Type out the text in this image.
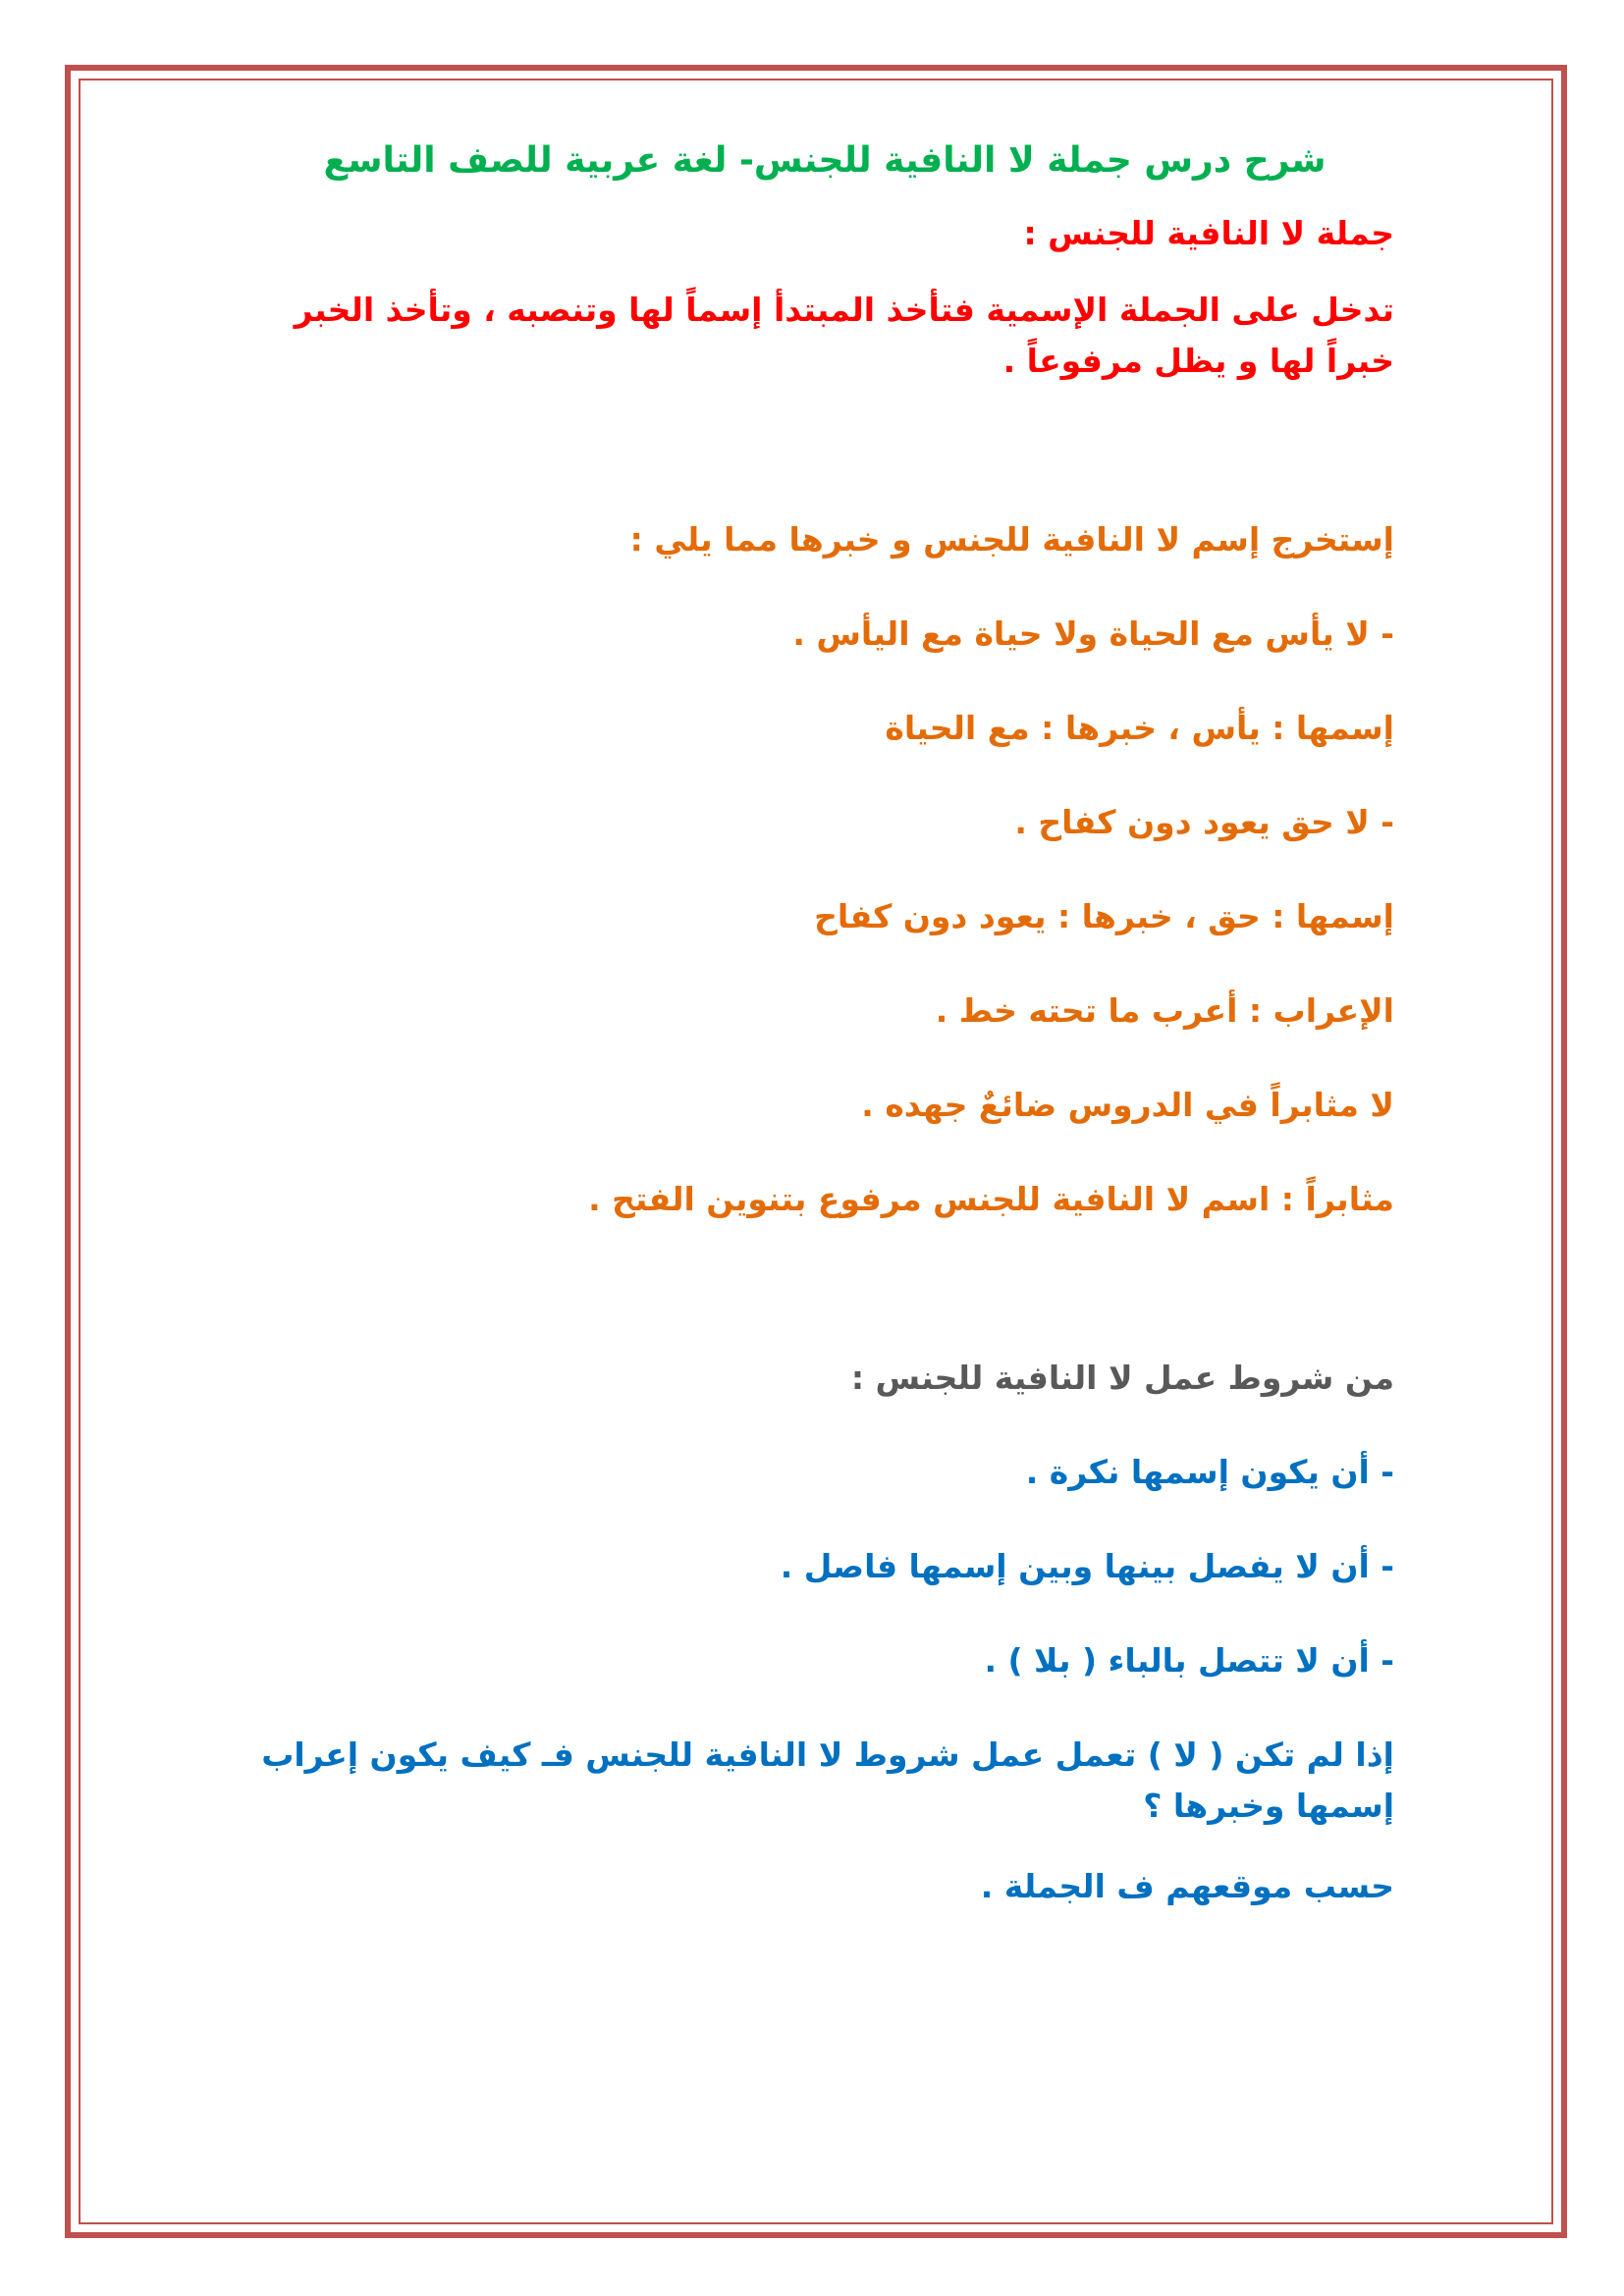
شرح درس جملة لا النافية للجنس- لغة عربية للصف التاسع

جملة لا النافية للجنس :

تدخل على الجملة الإسمية فتأخذ المبتدأ إسماً لها وتنصبه ، وتأخذ الخبر خبراً لها و يظل مرفوعاً .

إستخرج إسم لا النافية للجنس و خبرها مما يلي :

- لا يأس مع الحياة ولا حياة مع اليأس .

إسمها : يأس ، خبرها : مع الحياة

- لا حق يعود دون كفاح .

إسمها : حق ، خبرها : يعود دون كفاح

الإعراب : أعرب ما تحته خط .

لا مثابراً في الدروس ضائعٌ جهده .

مثابراً : اسم لا النافية للجنس مرفوع بتنوين الفتح .

من شروط عمل لا النافية للجنس :

- أن يكون إسمها نكرة .

- أن لا يفصل بينها وبين إسمها فاصل .

- أن لا تتصل بالباء ( بلا ) .

إذا لم تكن ( لا ) تعمل عمل شروط لا النافية للجنس فـ كيف يكون إعراب إسمها وخبرها ؟

حسب موقعهم ف الجملة .
